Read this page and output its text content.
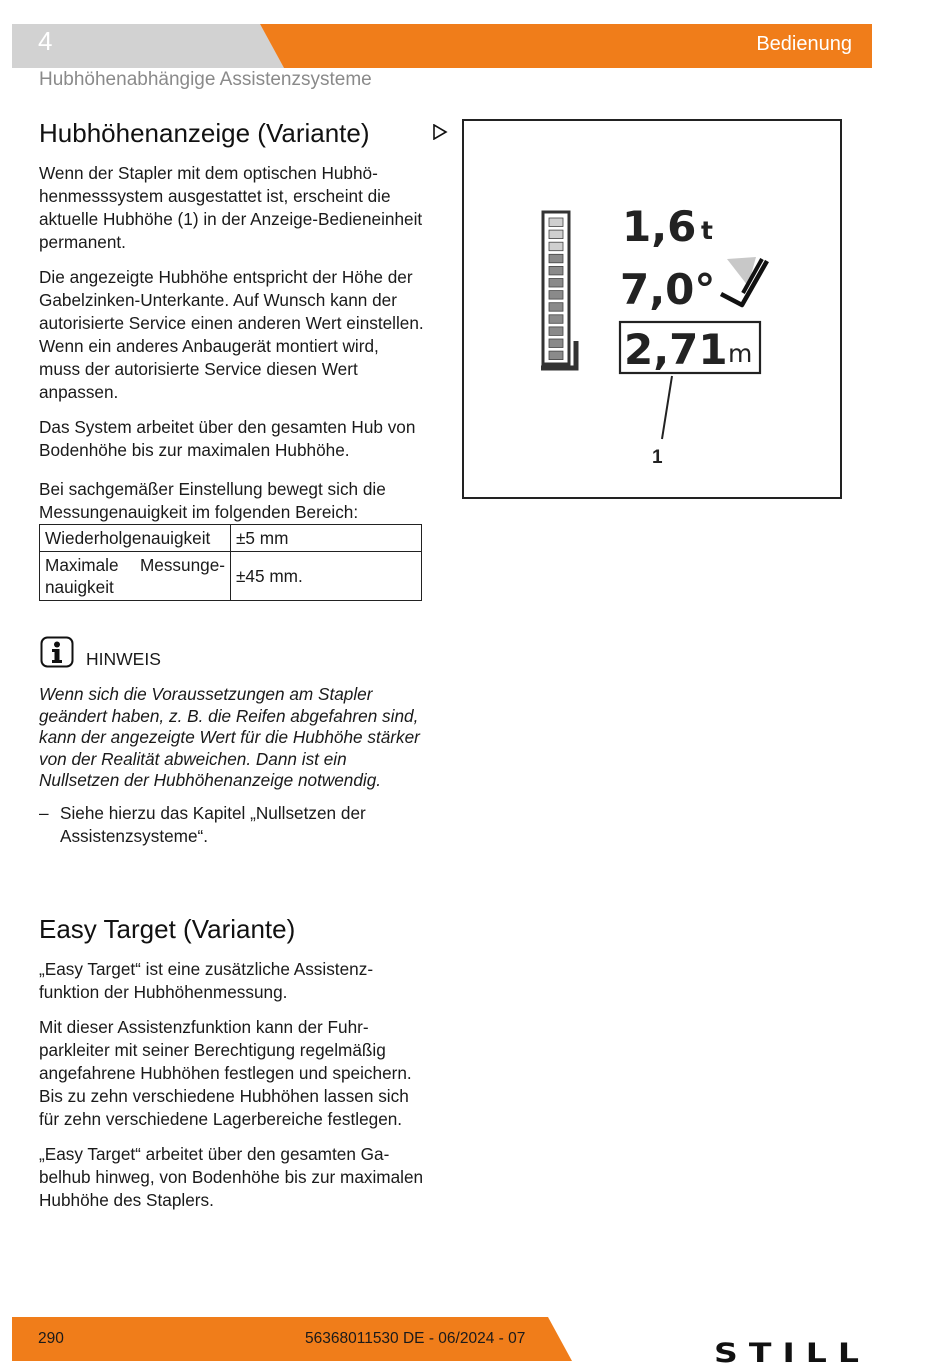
4	Bedienung
Hubhöhenabhängige Assistenzsysteme
Hubhöhenanzeige (Variante)

Wenn der Stapler mit dem optischen Hubhöhenmesssystem ausgestattet ist, erscheint die aktuelle Hubhöhe (1) in der Anzeige-Bedieneinheit permanent.

Die angezeigte Hubhöhe entspricht der Höhe der Gabelzinken-Unterkante. Auf Wunsch kann der autorisierte Service einen anderen Wert einstellen. Wenn ein anderes Anbaugerät montiert wird, muss der autorisierte Service diesen Wert anpassen.

Das System arbeitet über den gesamten Hub von Bodenhöhe bis zur maximalen Hubhöhe.

Bei sachgemäßer Einstellung bewegt sich die Messungenauigkeit im folgenden Bereich:

Wiederholgenauigkeit	±5 mm
Maximale Messungenauigkeit	±45 mm.
1,6 t
7,0°
2,71 m
1
HINWEIS

Wenn sich die Voraussetzungen am Stapler geändert haben, z. B. die Reifen abgefahren sind, kann der angezeigte Wert für die Hubhöhe stärker von der Realität abweichen. Dann ist ein Nullsetzen der Hubhöhenanzeige notwendig.

– Siehe hierzu das Kapitel „Nullsetzen der Assistenzsysteme“.
Easy Target (Variante)

„Easy Target“ ist eine zusätzliche Assistenzfunktion der Hubhöhenmessung.

Mit dieser Assistenzfunktion kann der Fuhrparkleiter mit seiner Berechtigung regelmäßig angefahrene Hubhöhen festlegen und speichern. Bis zu zehn verschiedene Hubhöhen lassen sich für zehn verschiedene Lagerbereiche festlegen.

„Easy Target“ arbeitet über den gesamten Gabelhub hinweg, von Bodenhöhe bis zur maximalen Hubhöhe des Staplers.

290	56368011530 DE - 06/2024 - 07	STILL
